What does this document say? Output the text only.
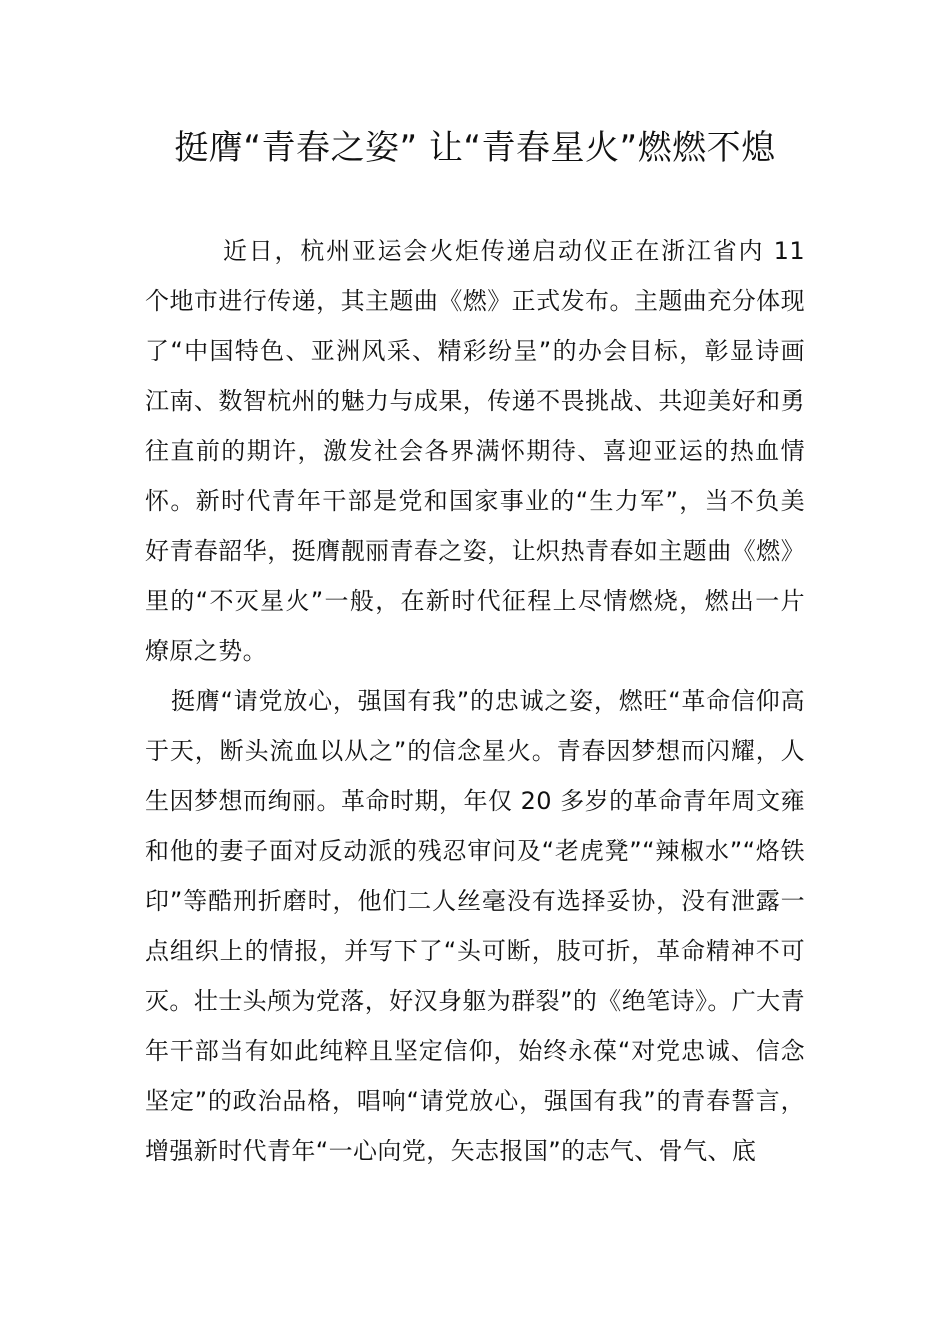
挺膺“青春之姿” 让“青春星火”燃燃不熄

近日，杭州亚运会火炬传递启动仪正在浙江省内 11 个地市进行传递，其主题曲《燃》正式发布。主题曲充分体现了“中国特色、亚洲风采、精彩纷呈”的办会目标，彰显诗画江南、数智杭州的魅力与成果，传递不畏挑战、共迎美好和勇往直前的期许，激发社会各界满怀期待、喜迎亚运的热血情怀。新时代青年干部是党和国家事业的“生力军”，当不负美好青春韶华，挺膺靓丽青春之姿，让炽热青春如主题曲《燃》里的“不灭星火”一般，在新时代征程上尽情燃烧，燃出一片燎原之势。

挺膺“请党放心，强国有我”的忠诚之姿，燃旺“革命信仰高于天，断头流血以从之”的信念星火。青春因梦想而闪耀，人生因梦想而绚丽。革命时期，年仅 20 多岁的革命青年周文雍和他的妻子面对反动派的残忍审问及“老虎凳”“辣椒水”“烙铁印”等酷刑折磨时，他们二人丝毫没有选择妥协，没有泄露一点组织上的情报，并写下了“头可断，肢可折，革命精神不可灭。壮士头颅为党落，好汉身躯为群裂”的《绝笔诗》。广大青年干部当有如此纯粹且坚定信仰，始终永葆“对党忠诚、信念坚定”的政治品格，唱响“请党放心，强国有我”的青春誓言，增强新时代青年“一心向党，矢志报国”的志气、骨气、底
